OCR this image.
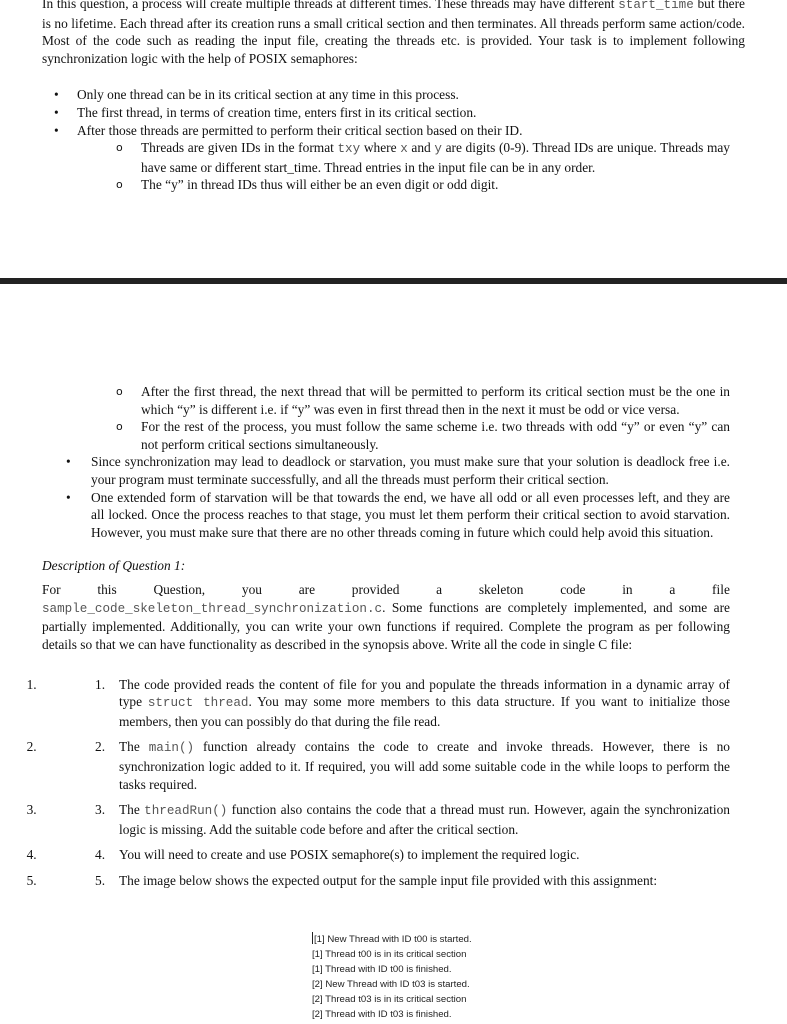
In this question, a process will create multiple threads at different times. These threads may have different start_time but there is no lifetime. Each thread after its creation runs a small critical section and then terminates. All threads perform same action/code. Most of the code such as reading the input file, creating the threads etc. is provided. Your task is to implement following synchronization logic with the help of POSIX semaphores:

• Only one thread can be in its critical section at any time in this process.
• The first thread, in terms of creation time, enters first in its critical section.
• After those threads are permitted to perform their critical section based on their ID.
o Threads are given IDs in the format txy where x and y are digits (0-9). Thread IDs are unique. Threads may have same or different start_time. Thread entries in the input file can be in any order.
o The “y” in thread IDs thus will either be an even digit or odd digit.
o After the first thread, the next thread that will be permitted to perform its critical section must be the one in which “y” is different i.e. if “y” was even in first thread then in the next it must be odd or vice versa.
o For the rest of the process, you must follow the same scheme i.e. two threads with odd “y” or even “y” can not perform critical sections simultaneously.
• Since synchronization may lead to deadlock or starvation, you must make sure that your solution is deadlock free i.e. your program must terminate successfully, and all the threads must perform their critical section.
• One extended form of starvation will be that towards the end, we have all odd or all even processes left, and they are all locked. Once the process reaches to that stage, you must let them perform their critical section to avoid starvation. However, you must make sure that there are no other threads coming in future which could help avoid this situation.
Description of Question 1:
For	this	Question,	you	are	provided	a	skeleton	code	in	a	file

sample_code_skeleton_thread_synchronization.c. Some functions are completely implemented, and some are partially implemented. Additionally, you can write your own functions if required. Complete the program as per following details so that we can have functionality as described in the synopsis above. Write all the code in single C file:

1. 1. The code provided reads the content of file for you and populate the threads information in a dynamic array of type struct thread. You may some more members to this data structure. If you want to initialize those members, then you can possibly do that during the file read.
2. 2. The main() function already contains the code to create and invoke threads. However, there is no synchronization logic added to it. If required, you will add some suitable code in the while loops to perform the tasks required.
3. 3. The threadRun() function also contains the code that a thread must run. However, again the synchronization logic is missing. Add the suitable code before and after the critical section.
4. 4. You will need to create and use POSIX semaphore(s) to implement the required logic.
5. 5. The image below shows the expected output for the sample input file provided with this assignment:
[1] New Thread with ID t00 is started.
[1] Thread t00 is in its critical section
[1] Thread with ID t00 is finished.
[2] New Thread with ID t03 is started.
[2] Thread t03 is in its critical section
[2] Thread with ID t03 is finished.
